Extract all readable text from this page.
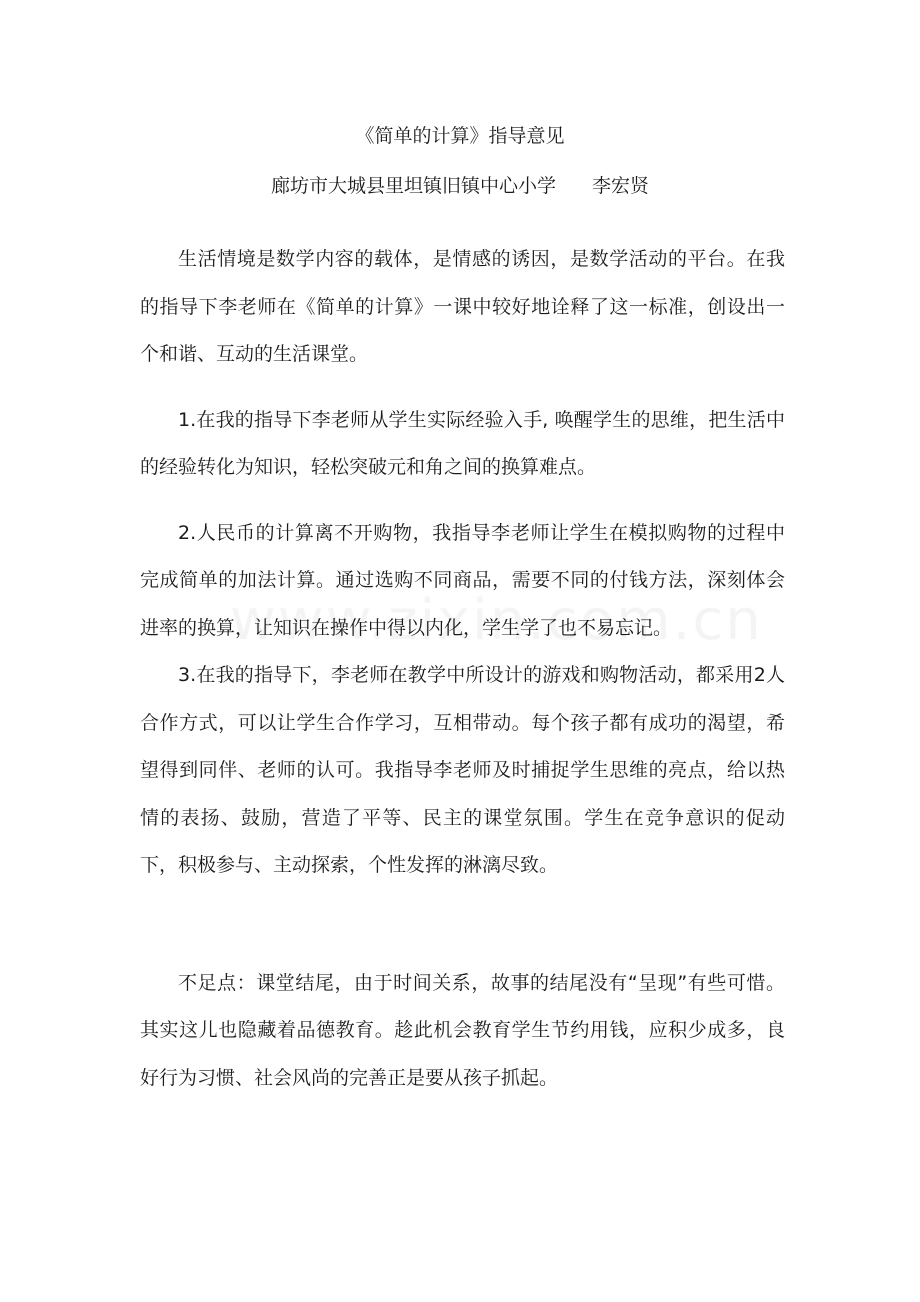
《简单的计算》指导意见
廊坊市大城县里坦镇旧镇中心小学 李宏贤

生活情境是数学内容的载体，是情感的诱因，是数学活动的平台。在我的指导下李老师在《简单的计算》一课中较好地诠释了这一标准，创设出一个和谐、互动的生活课堂。

1.在我的指导下李老师从学生实际经验入手, 唤醒学生的思维，把生活中的经验转化为知识，轻松突破元和角之间的换算难点。

2.人民币的计算离不开购物，我指导李老师让学生在模拟购物的过程中完成简单的加法计算。通过选购不同商品，需要不同的付钱方法，深刻体会进率的换算，让知识在操作中得以内化，学生学了也不易忘记。

3.在我的指导下，李老师在教学中所设计的游戏和购物活动，都采用2人合作方式，可以让学生合作学习，互相带动。每个孩子都有成功的渴望，希望得到同伴、老师的认可。我指导李老师及时捕捉学生思维的亮点，给以热情的表扬、鼓励，营造了平等、民主的课堂氛围。学生在竞争意识的促动下，积极参与、主动探索，个性发挥的淋漓尽致。

不足点：课堂结尾，由于时间关系，故事的结尾没有“呈现”有些可惜。其实这儿也隐藏着品德教育。趁此机会教育学生节约用钱，应积少成多，良好行为习惯、社会风尚的完善正是要从孩子抓起。
